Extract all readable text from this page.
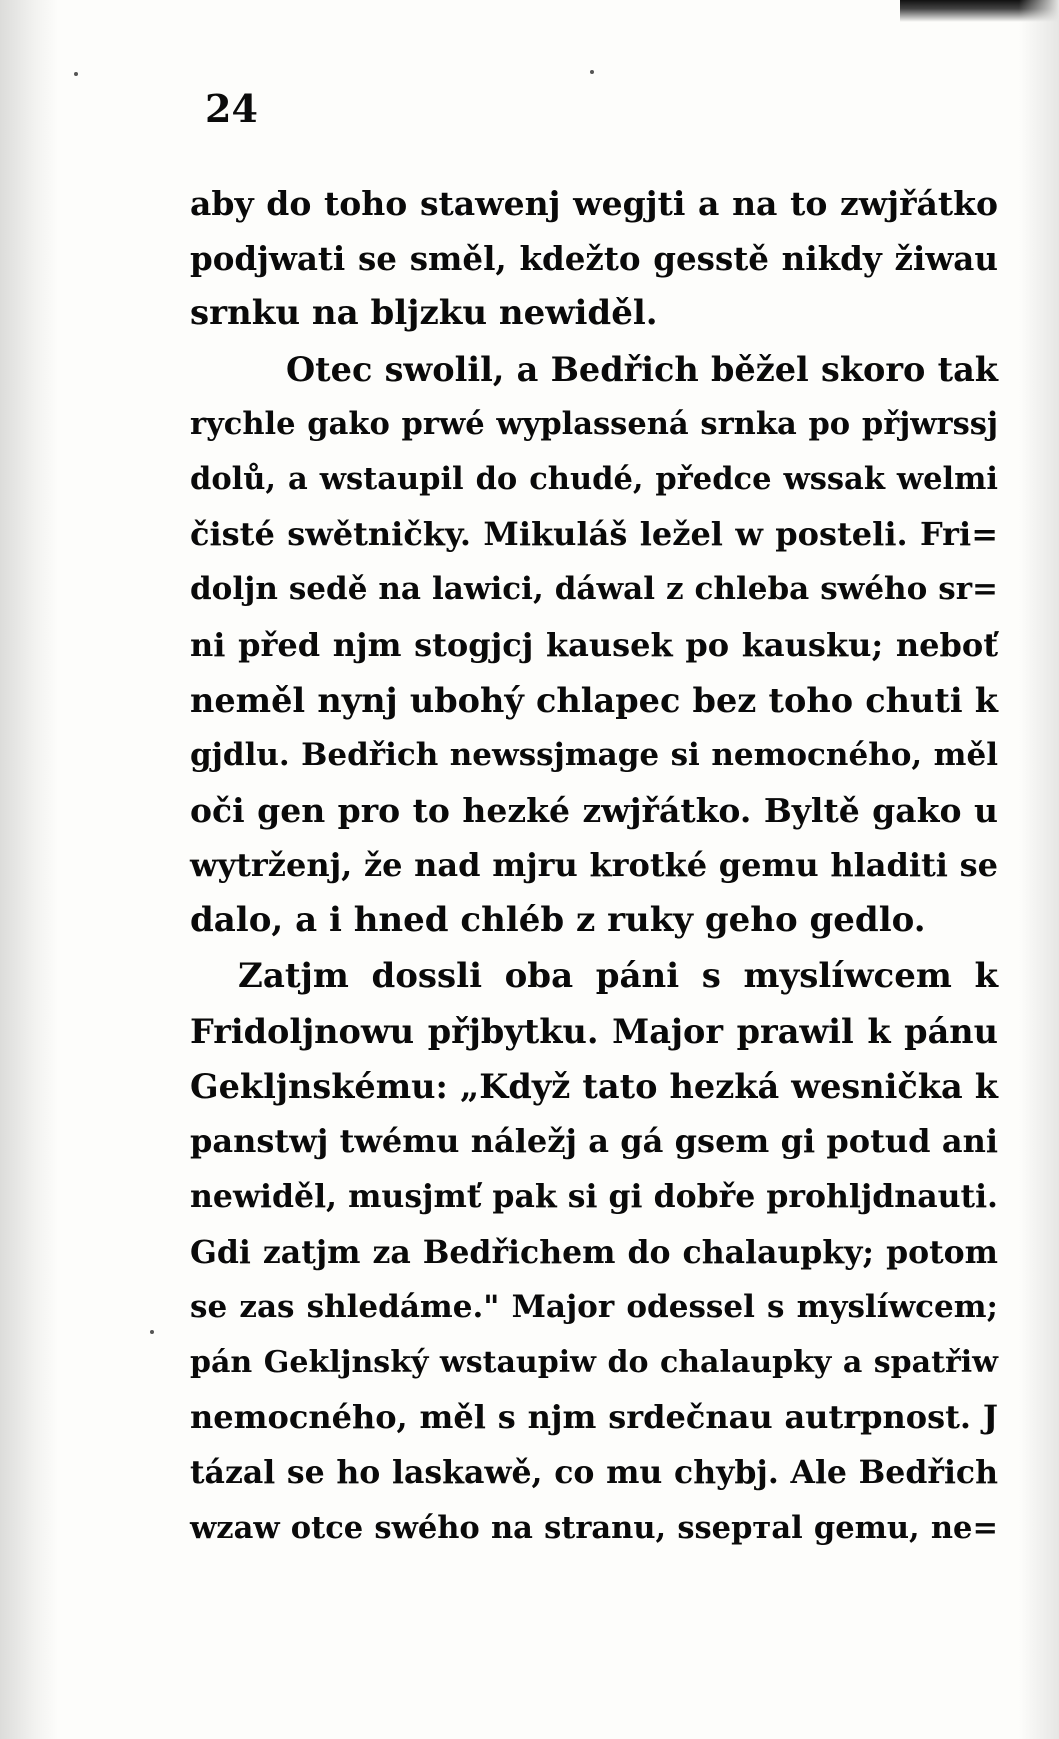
24
aby do toho stawenj wegjti a na to zwjřátko
podjwati se směl, kdežto gesstě nikdy žiwau
srnku na bljzku newiděl.
Otec swolil, a Bedřich běžel skoro tak
rychle gako prwé wyplassená srnka po přjwrssj
dolů, a wstaupil do chudé, předce wssak welmi
čisté swětničky. Mikuláš ležel w posteli. Fri=
doljn sedě na lawici, dáwal z chleba swého sr=
ni před njm stogjcj kausek po kausku; neboť
neměl nynj ubohý chlapec bez toho chuti k
gjdlu. Bedřich newssjmage si nemocného, měl
oči gen pro to hezké zwjřátko. Byltě gako u
wytrženj, že nad mjru krotké gemu hladiti se
dalo, a i hned chléb z ruky geho gedlo.
Zatjm dossli oba páni s myslíwcem k
Fridoljnowu přjbytku. Major prawil k pánu
Gekljnskému: „Když tato hezká wesnička k
panstwj twému náležj a gá gsem gi potud ani
newiděl, musjmť pak si gi dobře prohljdnauti.
Gdi zatjm za Bedřichem do chalaupky; potom
se zas shledáme." Major odessel s myslíwcem;
pán Gekljnský wstaupiw do chalaupky a spatřiw
nemocného, měl s njm srdečnau autrpnost. J
tázal se ho laskawě, co mu chybj. Ale Bedřich
wzaw otce swého na stranu, ssepтal gemu, ne=
